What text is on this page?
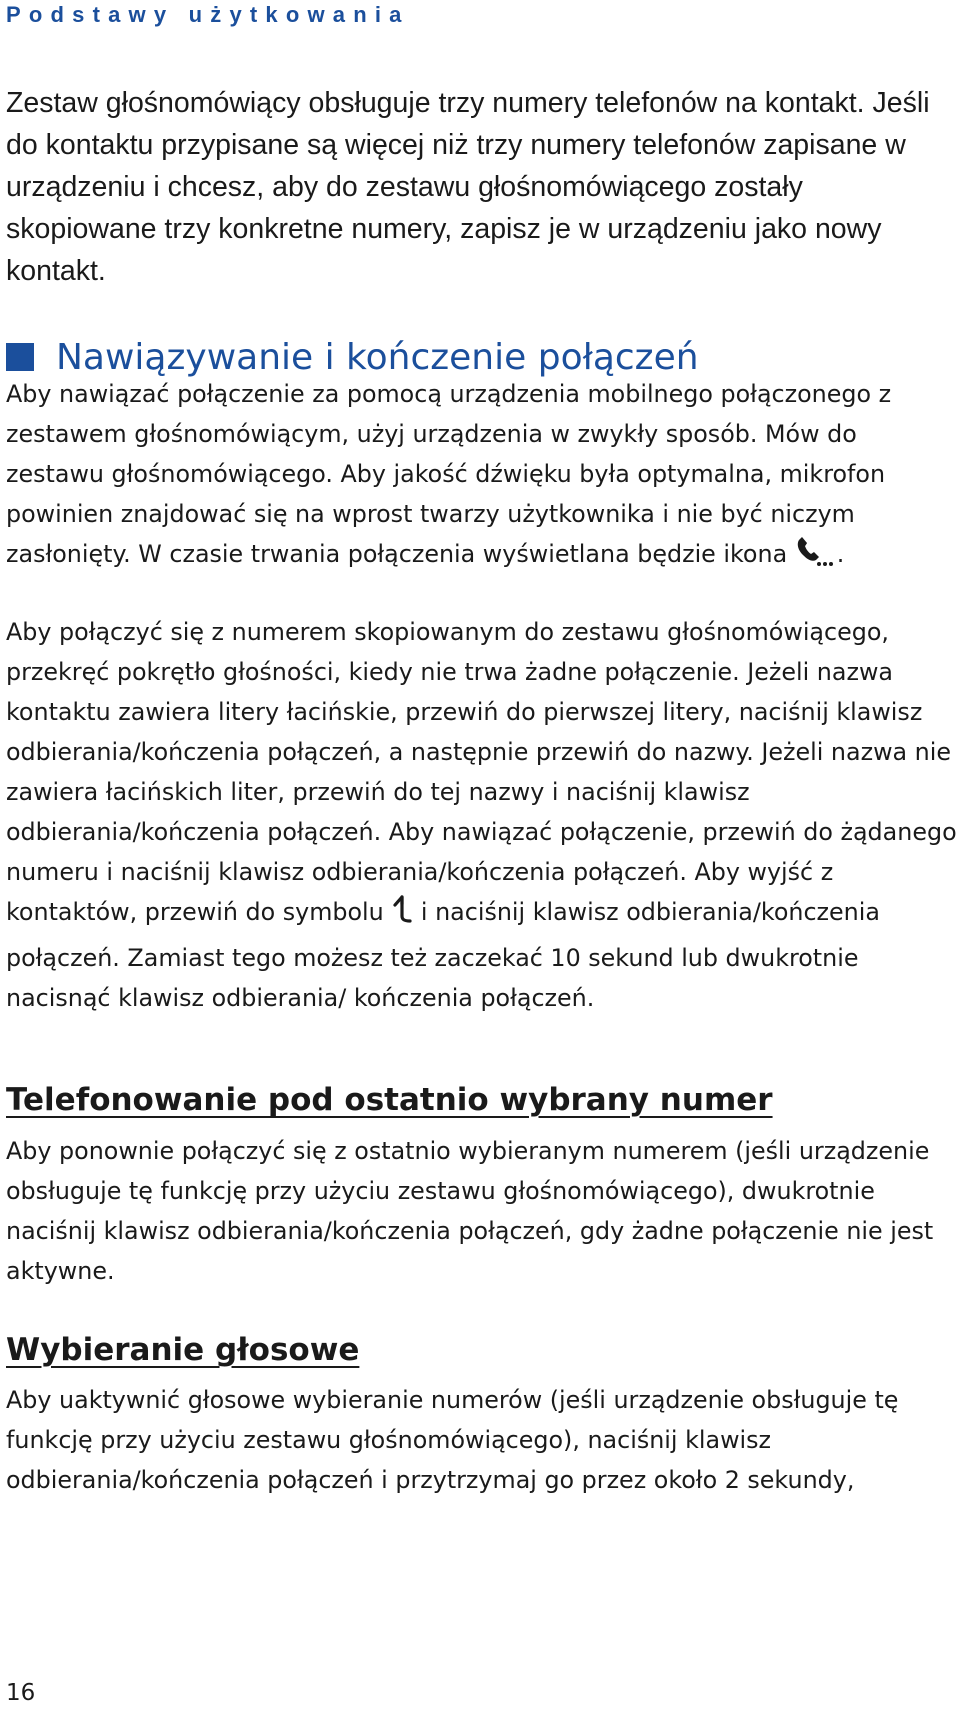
Podstawy użytkowania

Zestaw głośnomówiący obsługuje trzy numery telefonów na kontakt. Jeśli do kontaktu przypisane są więcej niż trzy numery telefonów zapisane w urządzeniu i chcesz, aby do zestawu głośnomówiącego zostały skopiowane trzy konkretne numery, zapisz je w urządzeniu jako nowy kontakt.

Nawiązywanie i kończenie połączeń

Aby nawiązać połączenie za pomocą urządzenia mobilnego połączonego z zestawem głośnomówiącym, użyj urządzenia w zwykły sposób. Mów do zestawu głośnomówiącego. Aby jakość dźwięku była optymalna, mikrofon powinien znajdować się na wprost twarzy użytkownika i nie być niczym zasłonięty. W czasie trwania połączenia wyświetlana będzie ikona .

Aby połączyć się z numerem skopiowanym do zestawu głośnomówiącego, przekręć pokrętło głośności, kiedy nie trwa żadne połączenie. Jeżeli nazwa kontaktu zawiera litery łacińskie, przewiń do pierwszej litery, naciśnij klawisz odbierania/kończenia połączeń, a następnie przewiń do nazwy. Jeżeli nazwa nie zawiera łacińskich liter, przewiń do tej nazwy i naciśnij klawisz odbierania/kończenia połączeń. Aby nawiązać połączenie, przewiń do żądanego numeru i naciśnij klawisz odbierania/kończenia połączeń. Aby wyjść z kontaktów, przewiń do symbolu i naciśnij klawisz odbierania/kończenia połączeń. Zamiast tego możesz też zaczekać 10 sekund lub dwukrotnie nacisnąć klawisz odbierania/ kończenia połączeń.

Telefonowanie pod ostatnio wybrany numer

Aby ponownie połączyć się z ostatnio wybieranym numerem (jeśli urządzenie obsługuje tę funkcję przy użyciu zestawu głośnomówiącego), dwukrotnie naciśnij klawisz odbierania/kończenia połączeń, gdy żadne połączenie nie jest aktywne.

Wybieranie głosowe

Aby uaktywnić głosowe wybieranie numerów (jeśli urządzenie obsługuje tę funkcję przy użyciu zestawu głośnomówiącego), naciśnij klawisz odbierania/kończenia połączeń i przytrzymaj go przez około 2 sekundy,

16
